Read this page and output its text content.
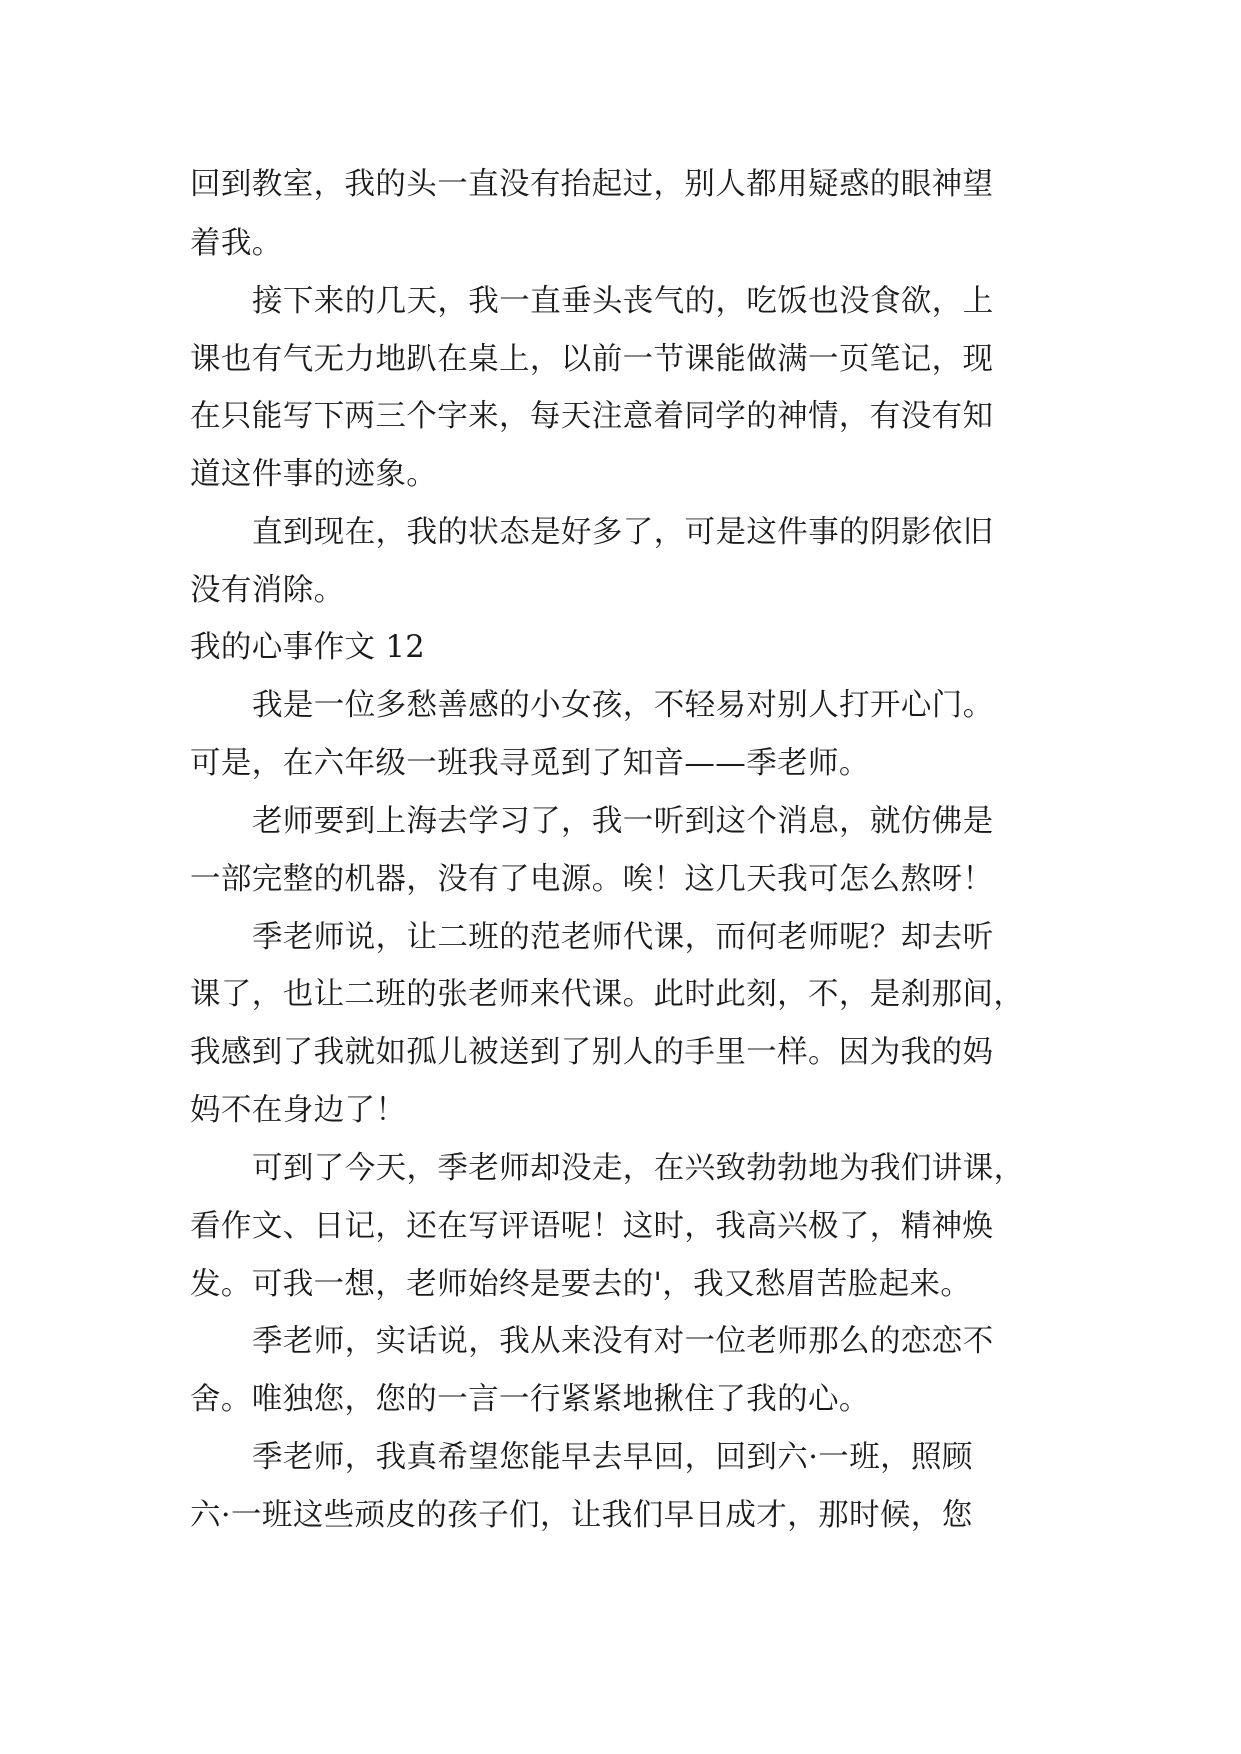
回到教室，我的头一直没有抬起过，别人都用疑惑的眼神望
着我。
接下来的几天，我一直垂头丧气的，吃饭也没食欲，上
课也有气无力地趴在桌上，以前一节课能做满一页笔记，现
在只能写下两三个字来，每天注意着同学的神情，有没有知
道这件事的迹象。
直到现在，我的状态是好多了，可是这件事的阴影依旧
没有消除。
我的心事作文 12
我是一位多愁善感的小女孩，不轻易对别人打开心门。
可是，在六年级一班我寻觅到了知音——季老师。
老师要到上海去学习了，我一听到这个消息，就仿佛是
一部完整的机器，没有了电源。唉！这几天我可怎么熬呀！
季老师说，让二班的范老师代课，而何老师呢？却去听
课了，也让二班的张老师来代课。此时此刻，不，是刹那间，
我感到了我就如孤儿被送到了别人的手里一样。因为我的妈
妈不在身边了！
可到了今天，季老师却没走，在兴致勃勃地为我们讲课，
看作文、日记，还在写评语呢！这时，我高兴极了，精神焕
发。可我一想，老师始终是要去的'，我又愁眉苦脸起来。
季老师，实话说，我从来没有对一位老师那么的恋恋不
舍。唯独您，您的一言一行紧紧地揪住了我的心。
季老师，我真希望您能早去早回，回到六·一班，照顾
六·一班这些顽皮的孩子们，让我们早日成才，那时候，您
